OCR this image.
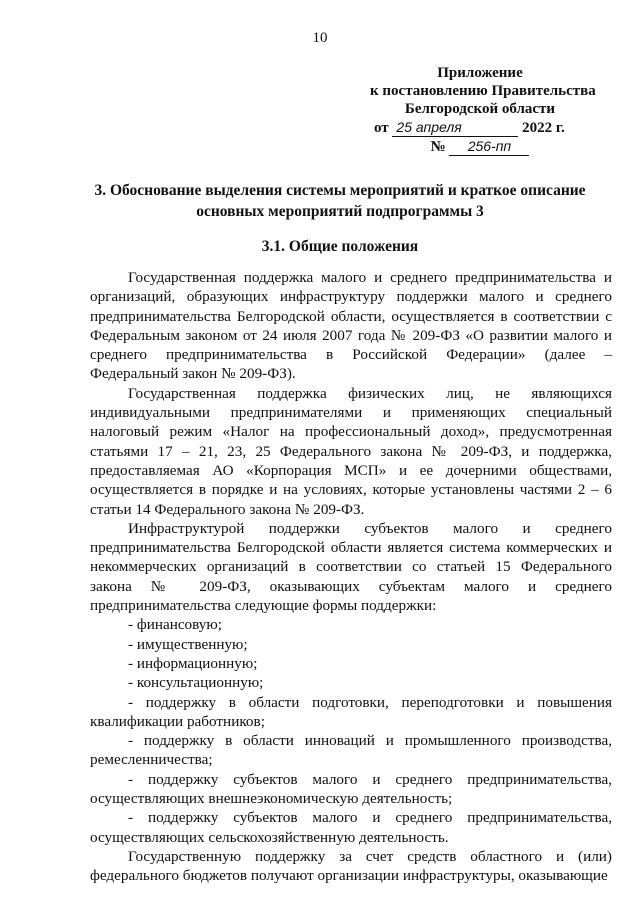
10
Приложение
к постановлению Правительства
Белгородской области
от 25 апреля	2022 г.
№ 256-пп
3. Обоснование выделения системы мероприятий и краткое описание основных мероприятий подпрограммы 3
3.1. Общие положения

Государственная поддержка малого и среднего предпринимательства и организаций, образующих инфраструктуру поддержки малого и среднего предпринимательства Белгородской области, осуществляется в соответствии с Федеральным законом от 24 июля 2007 года № 209-ФЗ «О развитии малого и среднего предпринимательства в Российской Федерации» (далее – Федеральный закон № 209-ФЗ).

Государственная поддержка физических лиц, не являющихся индивидуальными предпринимателями и применяющих специальный налоговый режим «Налог на профессиональный доход», предусмотренная статьями 17 – 21, 23, 25 Федерального закона № 209-ФЗ, и поддержка, предоставляемая АО «Корпорация МСП» и ее дочерними обществами, осуществляется в порядке и на условиях, которые установлены частями 2 – 6 статьи 14 Федерального закона № 209-ФЗ.

Инфраструктурой поддержки субъектов малого и среднего предпринимательства Белгородской области является система коммерческих и некоммерческих организаций в соответствии со статьей 15 Федерального закона № 209-ФЗ, оказывающих субъектам малого и среднего предпринимательства следующие формы поддержки:

- финансовую;

- имущественную;

- информационную;

- консультационную;

- поддержку в области подготовки, переподготовки и повышения квалификации работников;

- поддержку в области инноваций и промышленного производства, ремесленничества;

- поддержку субъектов малого и среднего предпринимательства, осуществляющих внешнеэкономическую деятельность;

- поддержку субъектов малого и среднего предпринимательства, осуществляющих сельскохозяйственную деятельность.

Государственную поддержку за счет средств областного и (или) федерального бюджетов получают организации инфраструктуры, оказывающие
